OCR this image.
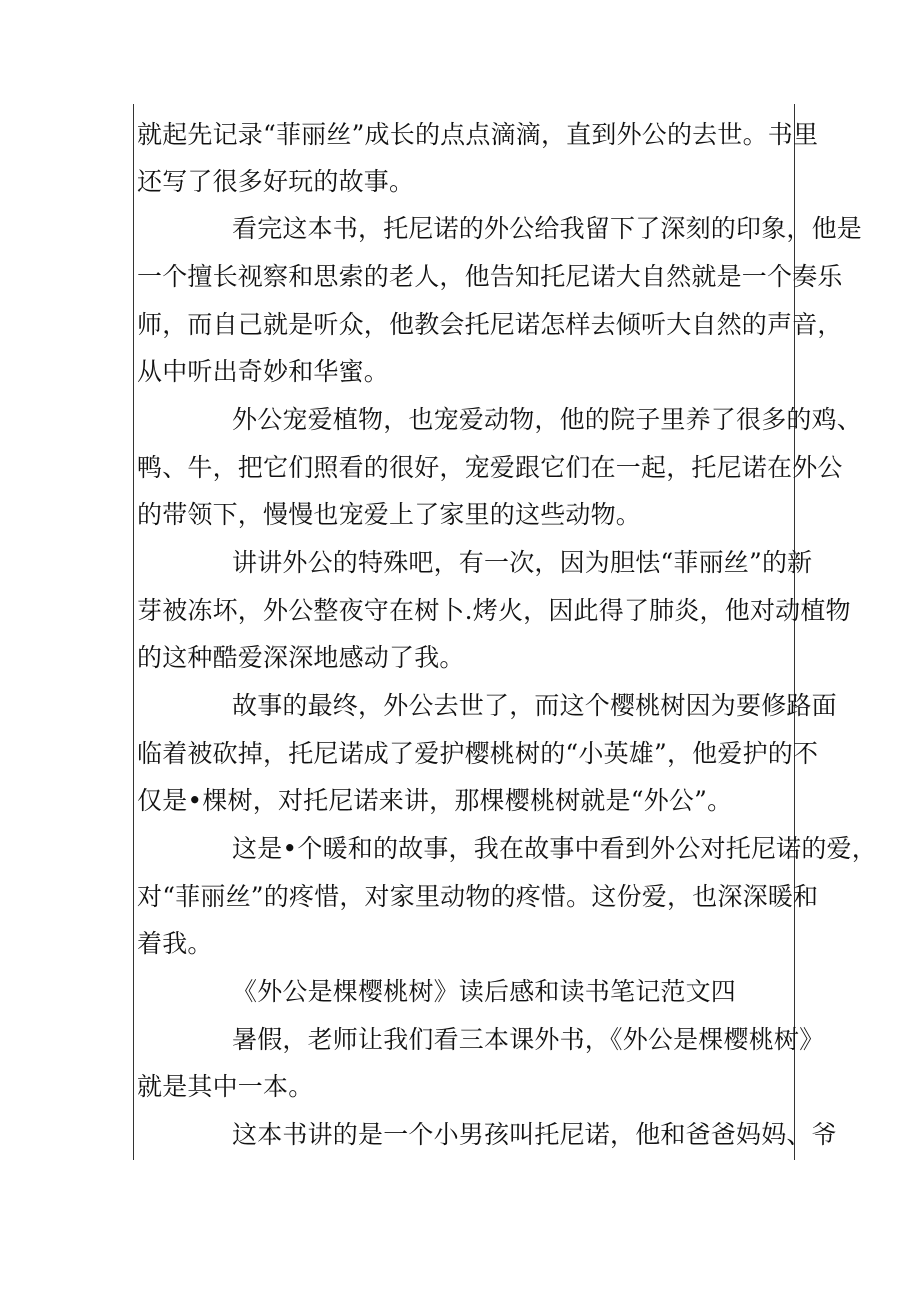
就起先记录“菲丽丝”成长的点点滴滴，直到外公的去世。书里
还写了很多好玩的故事。
看完这本书，托尼诺的外公给我留下了深刻的印象，他是
一个擅长视察和思索的老人，他告知托尼诺大自然就是一个奏乐
师，而自己就是听众，他教会托尼诺怎样去倾听大自然的声音，
从中听出奇妙和华蜜。
外公宠爱植物，也宠爱动物，他的院子里养了很多的鸡、
鸭、牛，把它们照看的很好，宠爱跟它们在一起，托尼诺在外公
的带领下，慢慢也宠爱上了家里的这些动物。
讲讲外公的特殊吧，有一次，因为胆怯“菲丽丝”的新
芽被冻坏，外公整夜守在树卜.烤火，因此得了肺炎，他对动植物
的这种酷爱深深地感动了我。
故事的最终，外公去世了，而这个樱桃树因为要修路面
临着被砍掉，托尼诺成了爱护樱桃树的“小英雄”，他爱护的不
仅是•棵树，对托尼诺来讲，那棵樱桃树就是“外公”。
这是•个暖和的故事，我在故事中看到外公对托尼诺的爱，
对“菲丽丝”的疼惜，对家里动物的疼惜。这份爱，也深深暖和
着我。
《外公是棵樱桃树》读后感和读书笔记范文四
暑假，老师让我们看三本课外书，《外公是棵樱桃树》
就是其中一本。
这本书讲的是一个小男孩叫托尼诺，他和爸爸妈妈、爷
